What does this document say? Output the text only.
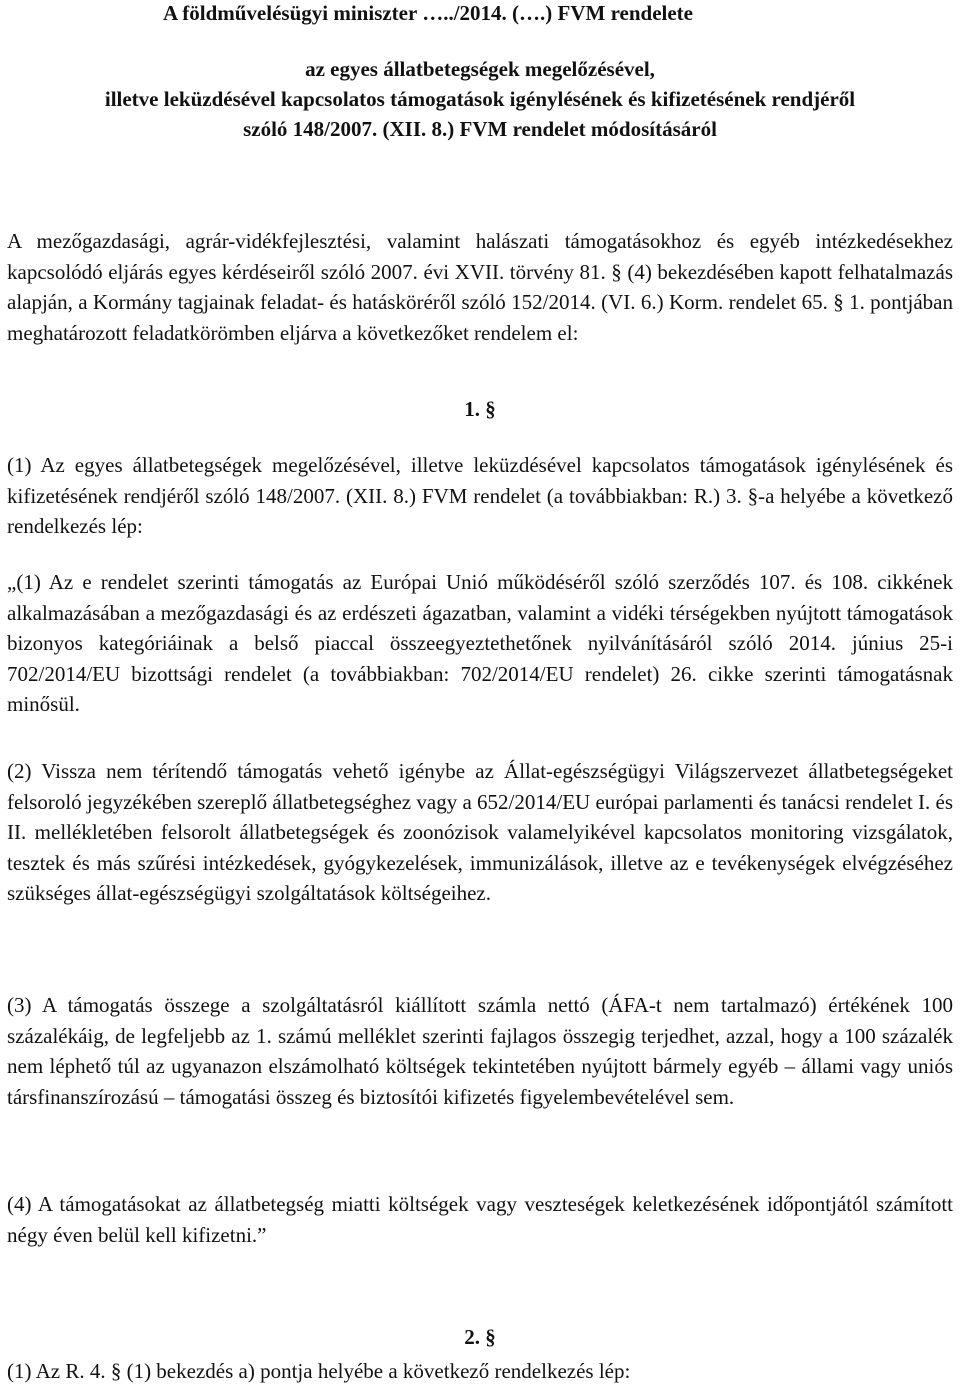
A földművelésügyi miniszter …../2014. (….) FVM rendelete
az egyes állatbetegségek megelőzésével,
illetve leküzdésével kapcsolatos támogatások igénylésének és kifizetésének rendjéről
szóló 148/2007. (XII. 8.) FVM rendelet módosításáról
A mezőgazdasági, agrár-vidékfejlesztési, valamint halászati támogatásokhoz és egyéb intézkedésekhez kapcsolódó eljárás egyes kérdéseiről szóló 2007. évi XVII. törvény 81. § (4) bekezdésében kapott felhatalmazás alapján, a Kormány tagjainak feladat- és hatásköréről szóló 152/2014. (VI. 6.) Korm. rendelet 65. § 1. pontjában meghatározott feladatkörömben eljárva a következőket rendelem el:
1. §
(1) Az egyes állatbetegségek megelőzésével, illetve leküzdésével kapcsolatos támogatások igénylésének és kifizetésének rendjéről szóló 148/2007. (XII. 8.) FVM rendelet (a továbbiakban: R.) 3. §-a helyébe a következő rendelkezés lép:
„(1) Az e rendelet szerinti támogatás az Európai Unió működéséről szóló szerződés 107. és 108. cikkének alkalmazásában a mezőgazdasági és az erdészeti ágazatban, valamint a vidéki térségekben nyújtott támogatások bizonyos kategóriáinak a belső piaccal összeegyeztethetőnek nyilvánításáról szóló 2014. június 25-i 702/2014/EU bizottsági rendelet (a továbbiakban: 702/2014/EU rendelet) 26. cikke szerinti támogatásnak minősül.
(2) Vissza nem térítendő támogatás vehető igénybe az Állat-egészségügyi Világszervezet állatbetegségeket felsoroló jegyzékében szereplő állatbetegséghez vagy a 652/2014/EU európai parlamenti és tanácsi rendelet I. és II. mellékletében felsorolt állatbetegségek és zoonózisok valamelyikével kapcsolatos monitoring vizsgálatok, tesztek és más szűrési intézkedések, gyógykezelések, immunizálások, illetve az e tevékenységek elvégzéséhez szükséges állat-egészségügyi szolgáltatások költségeihez.
(3) A támogatás összege a szolgáltatásról kiállított számla nettó (ÁFA-t nem tartalmazó) értékének 100 százalékáig, de legfeljebb az 1. számú melléklet szerinti fajlagos összegig terjedhet, azzal, hogy a 100 százalék nem léphető túl az ugyanazon elszámolható költségek tekintetében nyújtott bármely egyéb – állami vagy uniós társfinanszírozású – támogatási összeg és biztosítói kifizetés figyelembevételével sem.
(4) A támogatásokat az állatbetegség miatti költségek vagy veszteségek keletkezésének időpontjától számított négy éven belül kell kifizetni.”
2. §
(1) Az R. 4. § (1) bekezdés a) pontja helyébe a következő rendelkezés lép:
